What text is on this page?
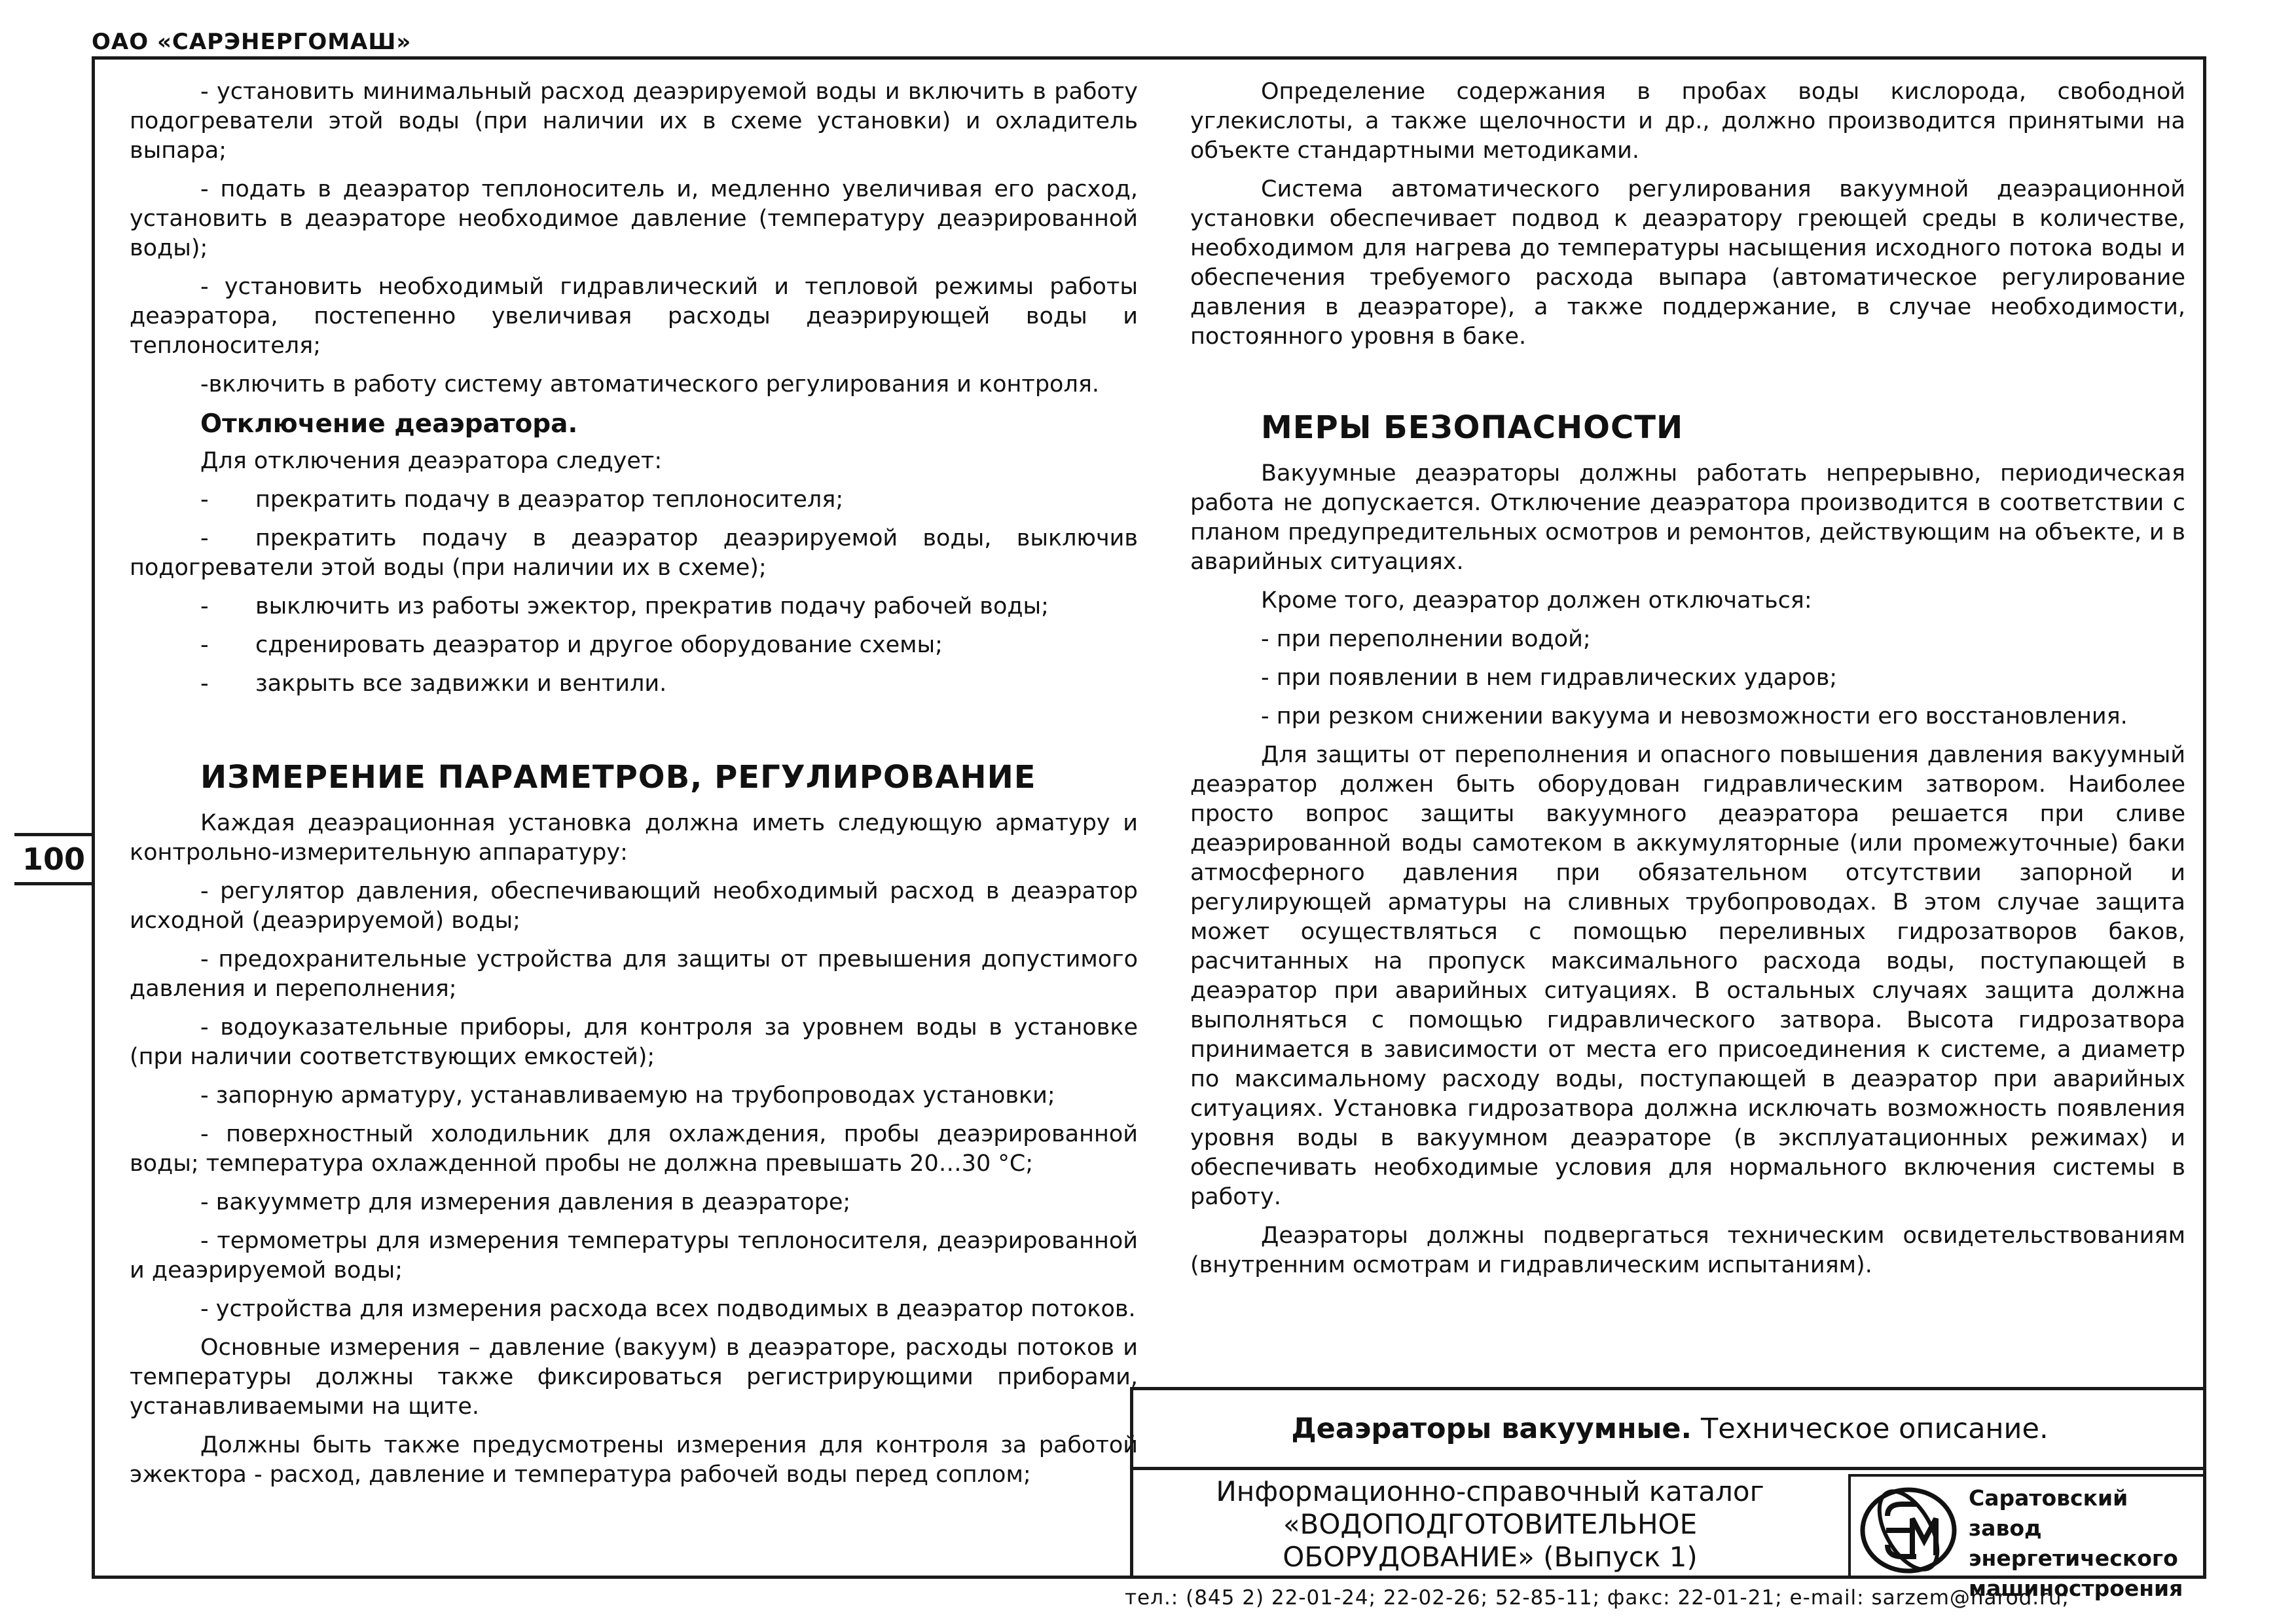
ОАО «САРЭНЕРГОМАШ»
100

- установить минимальный расход деаэрируемой воды и включить в работу подогреватели этой воды (при наличии их в схеме установки) и охладитель выпара;

- подать в деаэратор теплоноситель и, медленно увеличивая его расход, установить в деаэраторе необходимое давление (температуру деаэрированной воды);

- установить необходимый гидравлический и тепловой режимы работы деаэратора, постепенно увеличивая расходы деаэрирующей воды и теплоносителя;

-включить в работу систему автоматического регулирования и контроля.

Отключение деаэратора.

Для отключения деаэратора следует:

- прекратить подачу в деаэратор теплоносителя;

- прекратить подачу в деаэратор деаэрируемой воды, выключив подогреватели этой воды (при наличии их в схеме);

- выключить из работы эжектор, прекратив подачу рабочей воды;

- сдренировать деаэратор и другое оборудование схемы;

- закрыть все задвижки и вентили.

ИЗМЕРЕНИЕ ПАРАМЕТРОВ, РЕГУЛИРОВАНИЕ

Каждая деаэрационная установка должна иметь следующую арматуру и контрольно-измерительную аппаратуру:

- регулятор давления, обеспечивающий необходимый расход в деаэратор исходной (деаэрируемой) воды;

- предохранительные устройства для защиты от превышения допустимого давления и переполнения;

- водоуказательные приборы, для контроля за уровнем воды в установке (при наличии соответствующих емкостей);

- запорную арматуру, устанавливаемую на трубопроводах установки;

- поверхностный холодильник для охлаждения, пробы деаэрированной воды; температура охлажденной пробы не должна превышать 20…30 °С;

- вакуумметр для измерения давления в деаэраторе;

- термометры для измерения температуры теплоносителя, деаэрированной и деаэрируемой воды;

- устройства для измерения расхода всех подводимых в деаэратор потоков.

Основные измерения – давление (вакуум) в деаэраторе, расходы потоков и температуры должны также фиксироваться регистрирующими приборами, устанавливаемыми на щите.

Должны быть также предусмотрены измерения для контроля за работой эжектора - расход, давление и температура рабочей воды перед соплом;

Определение содержания в пробах воды кислорода, свободной углекислоты, а также щелочности и др., должно производится принятыми на объекте стандартными методиками.

Система автоматического регулирования вакуумной деаэрационной установки обеспечивает подвод к деаэратору греющей среды в количестве, необходимом для нагрева до температуры насыщения исходного потока воды и обеспечения требуемого расхода выпара (автоматическое регулирование давления в деаэраторе), а также поддержание, в случае необходимости, постоянного уровня в баке.

МЕРЫ БЕЗОПАСНОСТИ

Вакуумные деаэраторы должны работать непрерывно, периодическая работа не допускается. Отключение деаэратора производится в соответствии с планом предупредительных осмотров и ремонтов, действующим на объекте, и в аварийных ситуациях.

Кроме того, деаэратор должен отключаться:

- при переполнении водой;

- при появлении в нем гидравлических ударов;

- при резком снижении вакуума и невозможности его восстановления.

Для защиты от переполнения и опасного повышения давления вакуумный деаэратор должен быть оборудован гидравлическим затвором. Наиболее просто вопрос защиты вакуумного деаэратора решается при сливе деаэрированной воды самотеком в аккумуляторные (или промежуточные) баки атмосферного давления при обязательном отсутствии запорной и регулирующей арматуры на сливных трубопроводах. В этом случае защита может осуществляться с помощью переливных гидрозатворов баков, расчитанных на пропуск максимального расхода воды, поступающей в деаэратор при аварийных ситуациях. В остальных случаях защита должна выполняться с помощью гидравлического затвора. Высота гидрозатвора принимается в зависимости от места его присоединения к системе, а диаметр по максимальному расходу воды, поступающей в деаэратор при аварийных ситуациях. Установка гидрозатвора должна исключать возможность появления уровня воды в вакуумном деаэраторе (в эксплуатационных режимах) и обеспечивать необходимые условия для нормального включения системы в работу.

Деаэраторы должны подвергаться техническим освидетельствованиям (внутренним осмотрам и гидравлическим испытаниям).

Деаэраторы вакуумные. Техническое описание.
Информационно-справочный каталог
«ВОДОПОДГОТОВИТЕЛЬНОЕ
ОБОРУДОВАНИЕ» (Выпуск 1)
Саратовский завод
энергетического
машиностроения
тел.: (845 2) 22-01-24; 22-02-26; 52-85-11; факс: 22-01-21; e-mail: sarzem@narod.ru;
